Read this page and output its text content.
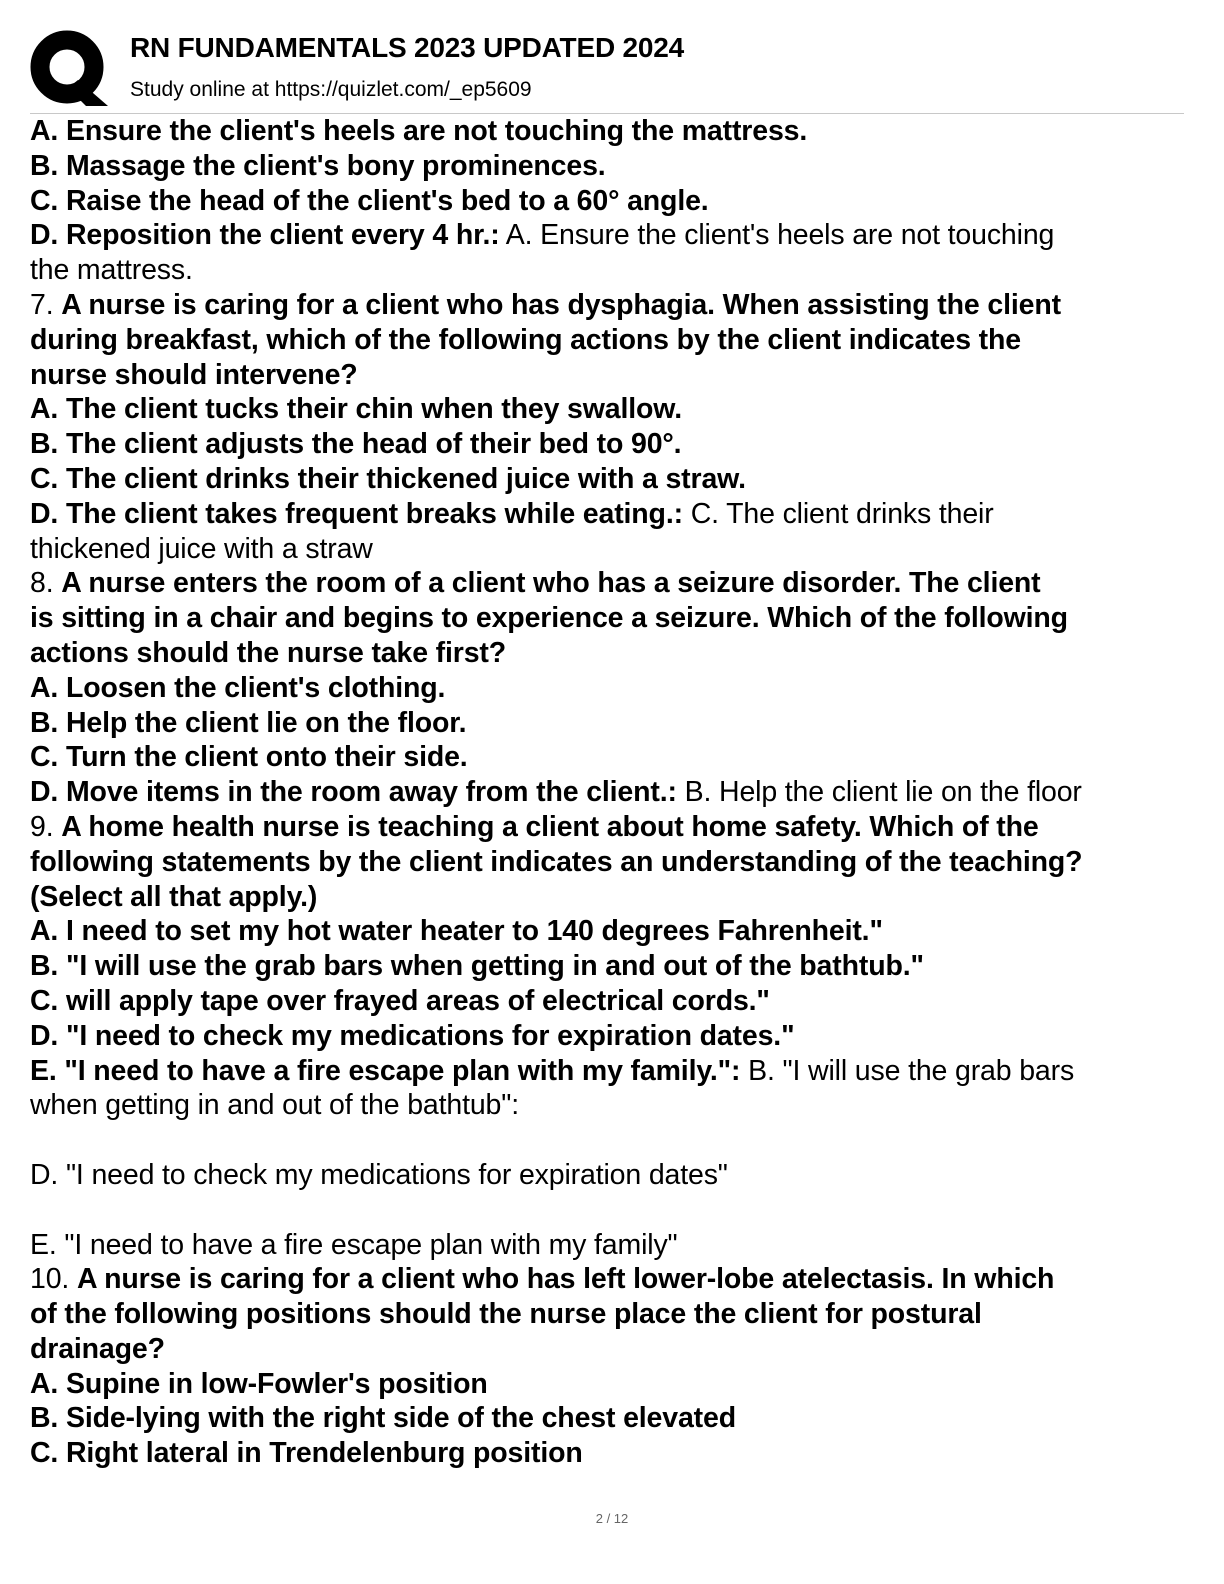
RN FUNDAMENTALS 2023 UPDATED 2024
Study online at https://quizlet.com/_ep5609
A. Ensure the client's heels are not touching the mattress.
B. Massage the client's bony prominences.
C. Raise the head of the client's bed to a 60° angle.
D. Reposition the client every 4 hr.: A. Ensure the client's heels are not touching
the mattress.
7. A nurse is caring for a client who has dysphagia. When assisting the client
during breakfast, which of the following actions by the client indicates the
nurse should intervene?
A. The client tucks their chin when they swallow.
B. The client adjusts the head of their bed to 90°.
C. The client drinks their thickened juice with a straw.
D. The client takes frequent breaks while eating.: C. The client drinks their
thickened juice with a straw
8. A nurse enters the room of a client who has a seizure disorder. The client
is sitting in a chair and begins to experience a seizure. Which of the following
actions should the nurse take first?
A. Loosen the client's clothing.
B. Help the client lie on the floor.
C. Turn the client onto their side.
D. Move items in the room away from the client.: B. Help the client lie on the floor
9. A home health nurse is teaching a client about home safety. Which of the
following statements by the client indicates an understanding of the teaching?
(Select all that apply.)
A. I need to set my hot water heater to 140 degrees Fahrenheit."
B. "I will use the grab bars when getting in and out of the bathtub."
C. will apply tape over frayed areas of electrical cords."
D. "I need to check my medications for expiration dates."
E. "I need to have a fire escape plan with my family.": B. "I will use the grab bars
when getting in and out of the bathtub":
D. "I need to check my medications for expiration dates"
E. "I need to have a fire escape plan with my family"
10. A nurse is caring for a client who has left lower-lobe atelectasis. In which
of the following positions should the nurse place the client for postural
drainage?
A. Supine in low-Fowler's position
B. Side-lying with the right side of the chest elevated
C. Right lateral in Trendelenburg position
2 / 12
